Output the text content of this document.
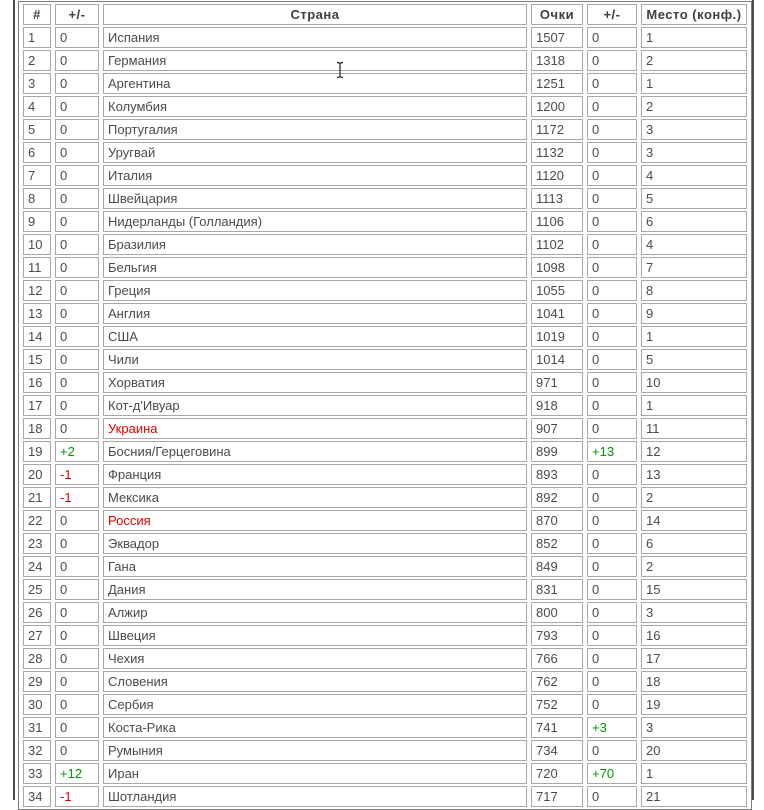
#	+/-	Страна	Очки	+/-	Место (конф.)
1	0	Испания	1507	0	1
2	0	Германия	1318	0	2
3	0	Аргентина	1251	0	1
4	0	Колумбия	1200	0	2
5	0	Португалия	1172	0	3
6	0	Уругвай	1132	0	3
7	0	Италия	1120	0	4
8	0	Швейцария	1113	0	5
9	0	Нидерланды (Голландия)	1106	0	6
10	0	Бразилия	1102	0	4
11	0	Бельгия	1098	0	7
12	0	Греция	1055	0	8
13	0	Англия	1041	0	9
14	0	США	1019	0	1
15	0	Чили	1014	0	5
16	0	Хорватия	971	0	10
17	0	Кот-д'Ивуар	918	0	1
18	0	Украина	907	0	11
19	+2	Босния/Герцеговина	899	+13	12
20	-1	Франция	893	0	13
21	-1	Мексика	892	0	2
22	0	Россия	870	0	14
23	0	Эквадор	852	0	6
24	0	Гана	849	0	2
25	0	Дания	831	0	15
26	0	Алжир	800	0	3
27	0	Швеция	793	0	16
28	0	Чехия	766	0	17
29	0	Словения	762	0	18
30	0	Сербия	752	0	19
31	0	Коста-Рика	741	+3	3
32	0	Румыния	734	0	20
33	+12	Иран	720	+70	1
34	-1	Шотландия	717	0	21
